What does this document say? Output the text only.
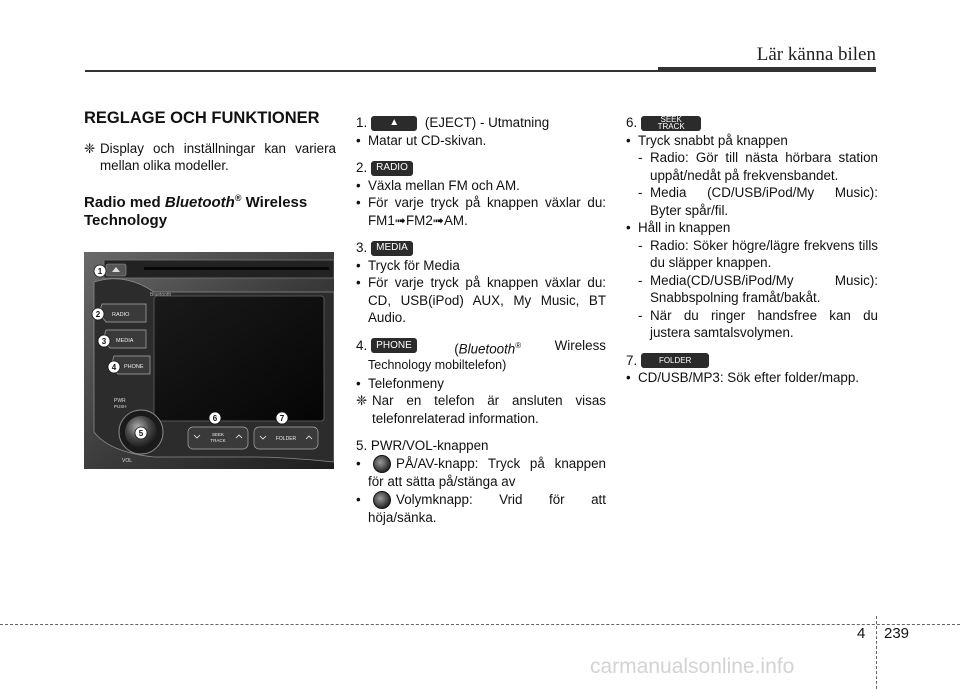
Lär känna bilen
REGLAGE OCH FUNKTIONER
❈ Display och inställningar kan variera mellan olika modeller.
Radio med Bluetooth® Wireless Technology
Bluetooth
1
RADIO
2
MEDIA
3
PHONE
4
PWR
PUSH
5
VOL
SEEK
TRACK
6
FOLDER
7

1. ▲ (EJECT) - Utmatning

• Matar ut CD-skivan.

2. RADIO

• Växla mellan FM och AM.
• För varje tryck på knappen växlar du: FM1➟FM2➟AM.

3. MEDIA

• Tryck för Media
• För varje tryck på knappen växlar du: CD, USB(iPod) AUX, My Music, BT Audio.

4. PHONE	(Bluetooth® Wireless

Technology mobiltelefon)

• Telefonmeny
❈ Nar en telefon är ansluten visas telefonrelaterad information.

5. PWR/VOL-knappen

•	PÅ/AV-knapp: Tryck på knappen för att sätta på/stänga av
•	Volymknapp: Vrid för att höja/sänka.

6.	SEEK
TRACK

• Tryck snabbt på knappen
- Radio: Gör till nästa hörbara station uppåt/nedåt på frekvensbandet.
- Media (CD/USB/iPod/My Music): Byter spår/fil.
• Håll in knappen
- Radio: Söker högre/lägre frekvens tills du släpper knappen.
- Media(CD/USB/iPod/My Music): Snabbspolning framåt/bakåt.
- När du ringer handsfree kan du justera samtalsvolymen.

7.	FOLDER

• CD/USB/MP3: Sök efter folder/mapp.
4 239
carmanualsonline.info
